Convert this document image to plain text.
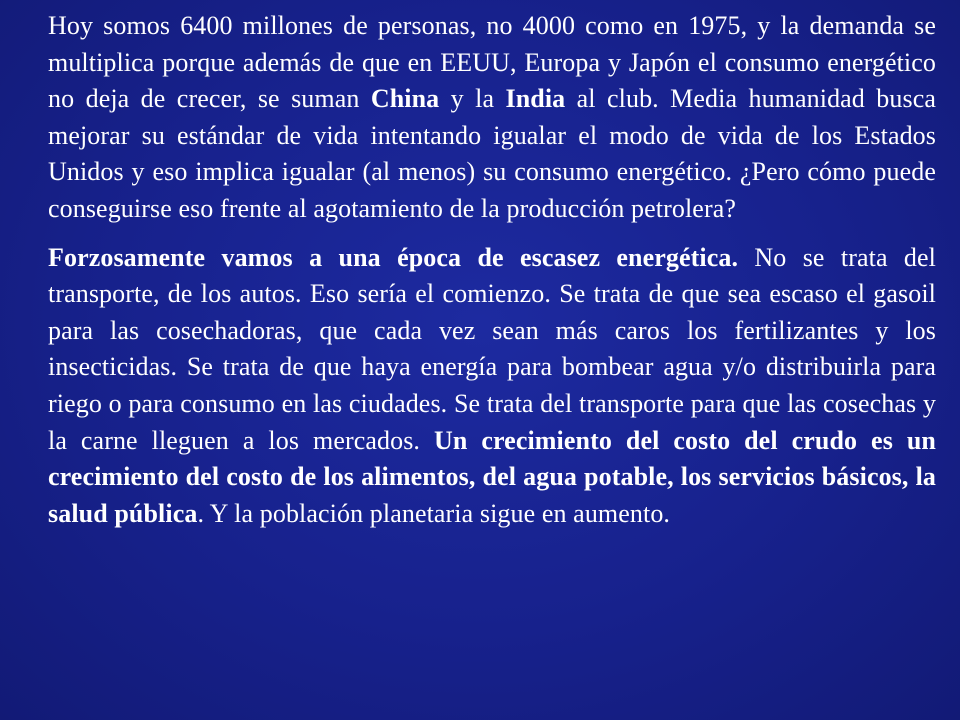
Hoy somos 6400 millones de personas, no 4000 como en 1975, y la demanda se multiplica porque además de que en EEUU, Europa y Japón el consumo energético no deja de crecer, se suman China y la India al club. Media humanidad busca mejorar su estándar de vida intentando igualar el modo de vida de los Estados Unidos y eso implica igualar (al menos) su consumo energético. ¿Pero cómo puede conseguirse eso frente al agotamiento de la producción petrolera?

Forzosamente vamos a una época de escasez energética. No se trata del transporte, de los autos. Eso sería el comienzo. Se trata de que sea escaso el gasoil para las cosechadoras, que cada vez sean más caros los fertilizantes y los insecticidas. Se trata de que haya energía para bombear agua y/o distribuirla para riego o para consumo en las ciudades. Se trata del transporte para que las cosechas y la carne lleguen a los mercados. Un crecimiento del costo del crudo es un crecimiento del costo de los alimentos, del agua potable, los servicios básicos, la salud pública. Y la población planetaria sigue en aumento.
